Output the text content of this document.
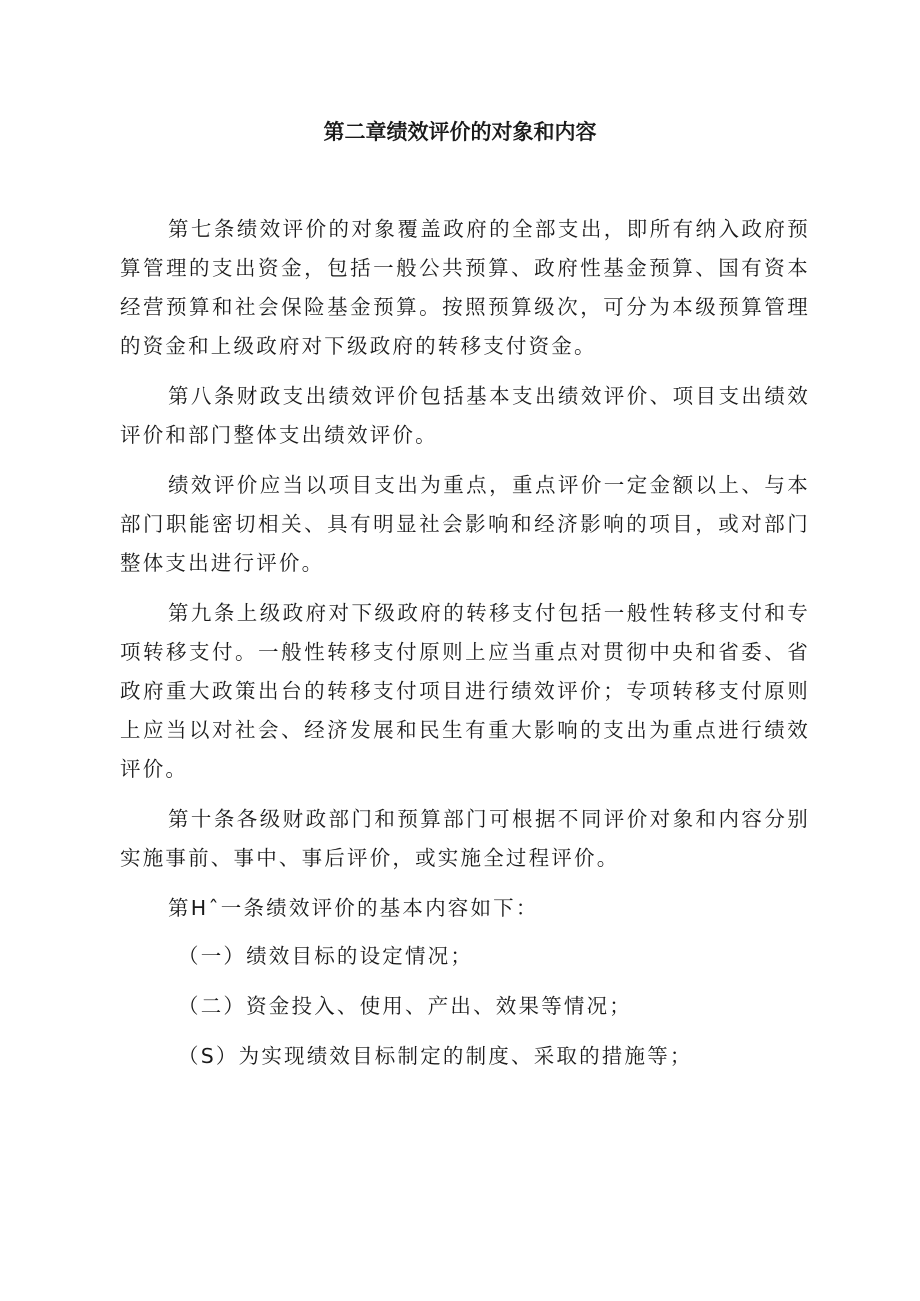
第二章绩效评价的对象和内容

第七条绩效评价的对象覆盖政府的全部支出，即所有纳入政府预算管理的支出资金，包括一般公共预算、政府性基金预算、国有资本经营预算和社会保险基金预算。按照预算级次，可分为本级预算管理的资金和上级政府对下级政府的转移支付资金。

第八条财政支出绩效评价包括基本支出绩效评价、项目支出绩效评价和部门整体支出绩效评价。

绩效评价应当以项目支出为重点，重点评价一定金额以上、与本部门职能密切相关、具有明显社会影响和经济影响的项目，或对部门整体支出进行评价。

第九条上级政府对下级政府的转移支付包括一般性转移支付和专项转移支付。一般性转移支付原则上应当重点对贯彻中央和省委、省政府重大政策出台的转移支付项目进行绩效评价；专项转移支付原则上应当以对社会、经济发展和民生有重大影响的支出为重点进行绩效评价。

第十条各级财政部门和预算部门可根据不同评价对象和内容分别实施事前、事中、事后评价，或实施全过程评价。

第Hˆ一条绩效评价的基本内容如下：

（一）绩效目标的设定情况；

（二）资金投入、使用、产出、效果等情况；

（S）为实现绩效目标制定的制度、采取的措施等；
